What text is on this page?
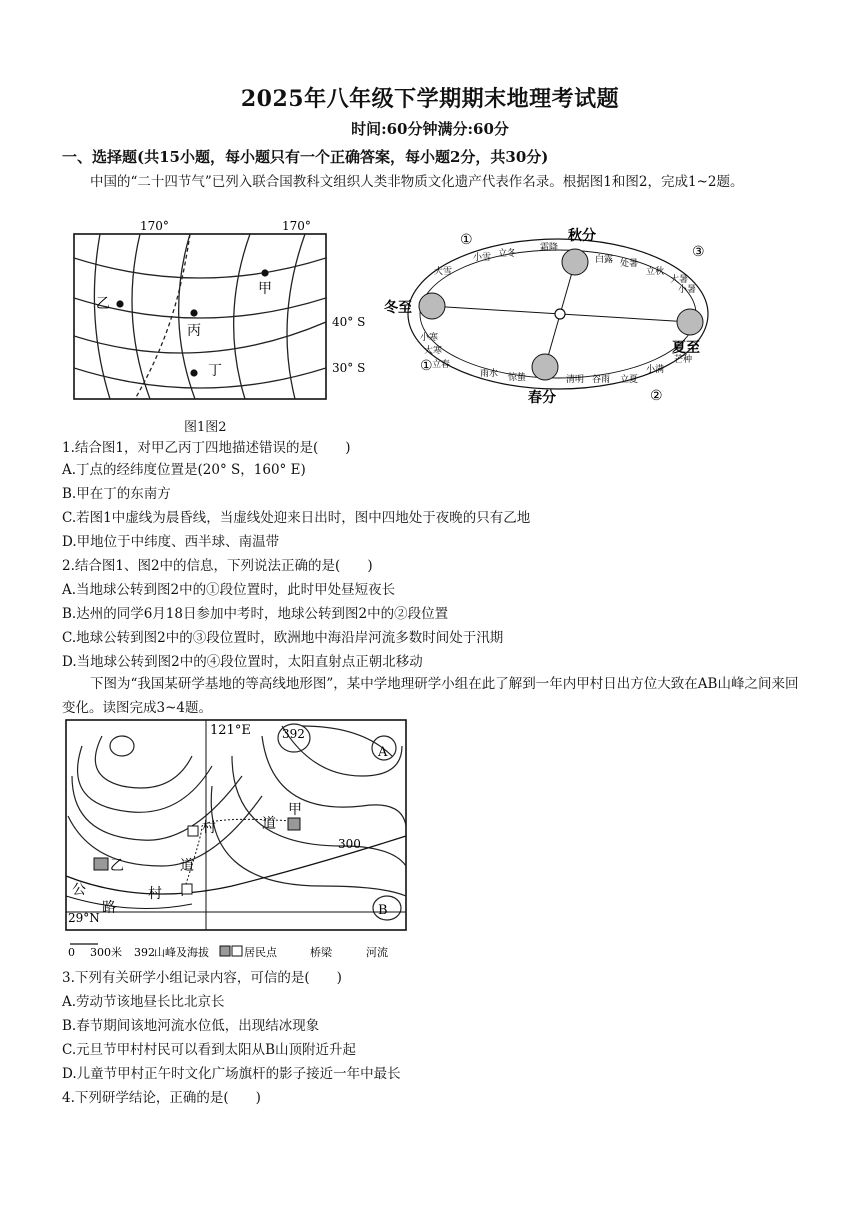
2025年八年级下学期期末地理考试题
时间:60分钟满分:60分
一、选择题(共15小题，每小题只有一个正确答案，每小题2分，共30分)
中国的“二十四节气”已列入联合国教科文组织人类非物质文化遗产代表作名录。根据图1和图2，完成1~2题。
170°	170°
40° S
30° S
甲
乙
丙
丁
冬至
秋分
夏至
春分
①
③
①
②
立冬
霜降
白露 处暑
立秋
大暑
小雪
大雪
小寒
大寒
小暑
立春
雨水 惊蛰	清明 谷雨 立夏
小满
芒种
图1图2
1.结合图1，对甲乙丙丁四地描述错误的是(　　)
A.丁点的经纬度位置是(20° S，160° E)
B.甲在丁的东南方
C.若图1中虚线为晨昏线，当虚线处迎来日出时，图中四地处于夜晚的只有乙地
D.甲地位于中纬度、西半球、南温带
2.结合图1、图2中的信息，下列说法正确的是(　　)
A.当地球公转到图2中的①段位置时，此时甲处昼短夜长
B.达州的同学6月18日参加中考时，地球公转到图2中的②段位置
C.地球公转到图2中的③段位置时，欧洲地中海沿岸河流多数时间处于汛期
D.当地球公转到图2中的④段位置时，太阳直射点正朝北移动
下图为“我国某研学基地的等高线地形图”，某中学地理研学小组在此了解到一年内甲村日出方位大致在AB山峰之间来回变化。读图完成3~4题。
121°E
29°N
392
300
甲
乙
村	道
道
村
公
路
A
B
0 300米 392 山峰及海拔	居民点	桥梁	河流
3.下列有关研学小组记录内容，可信的是(　　)
A.劳动节该地昼长比北京长
B.春节期间该地河流水位低，出现结冰现象
C.元旦节甲村村民可以看到太阳从B山顶附近升起
D.儿童节甲村正午时文化广场旗杆的影子接近一年中最长
4.下列研学结论，正确的是(　　)
